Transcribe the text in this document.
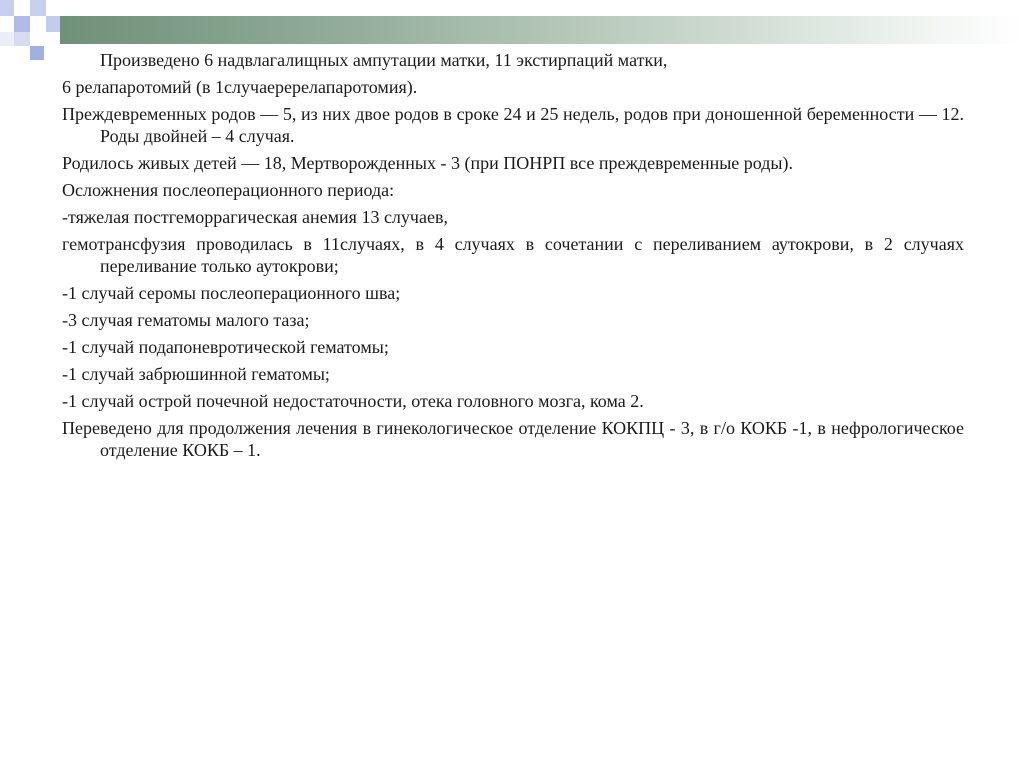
Произведено 6 надвлагалищных ампутации матки, 11 экстирпаций матки,

6 релапаротомий (в 1случаеререлапаротомия).

Преждевременных родов — 5, из них двое родов в сроке 24 и 25 недель, родов при доношенной беременности — 12. Роды двойней – 4 случая.

Родилось живых детей — 18, Мертворожденных - 3 (при ПОНРП все преждевременные роды).

Осложнения послеоперационного периода:

-тяжелая постгеморрагическая анемия 13 случаев,

гемотрансфузия проводилась в 11случаях, в 4 случаях в сочетании с переливанием аутокрови, в 2 случаях переливание только аутокрови;

-1 случай серомы послеоперационного шва;

-3 случая гематомы малого таза;

-1 случай подапоневротической гематомы;

-1 случай забрюшинной гематомы;

-1 случай острой почечной недостаточности, отека головного мозга, кома 2.

Переведено для продолжения лечения в гинекологическое отделение КОКПЦ - 3, в г/о КОКБ -1, в нефрологическое отделение КОКБ – 1.
